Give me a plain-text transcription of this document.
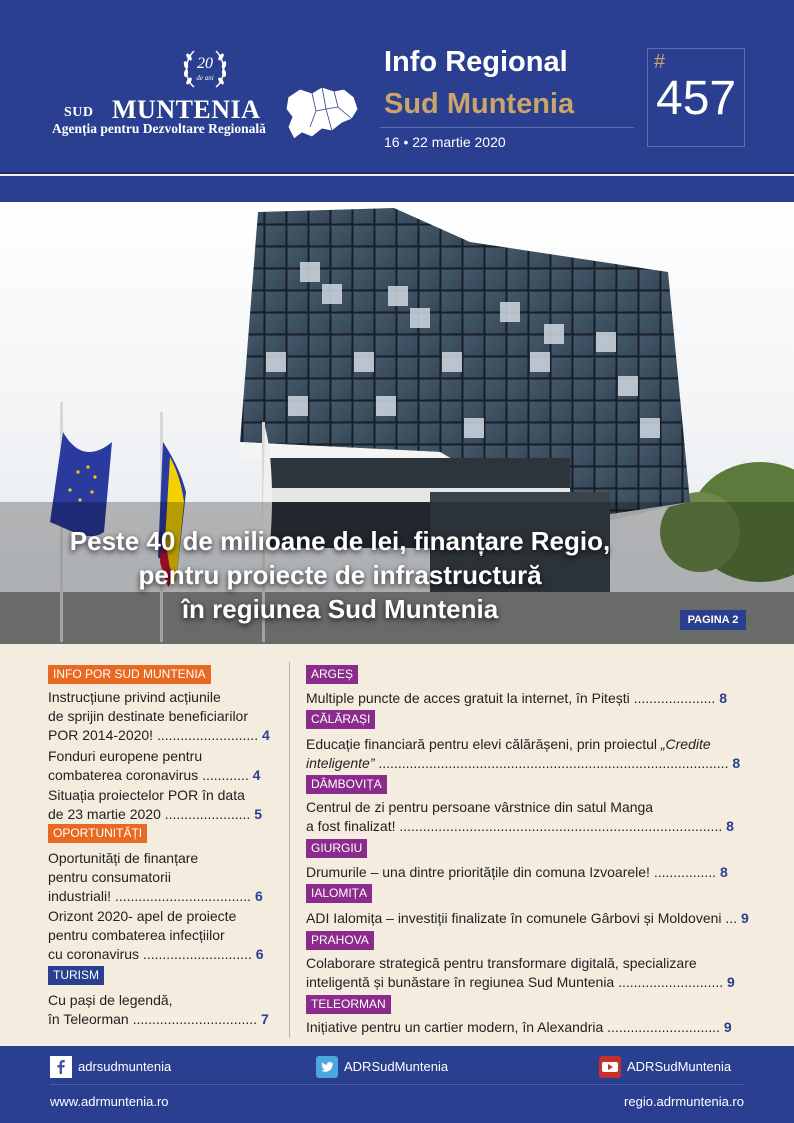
20
de ani
SUD MUNTENIA
Agenția pentru Dezvoltare Regională
Info Regional
Sud Muntenia
16 • 22 martie 2020
#
457
Peste 40 de milioane de lei, finanțare Regio,
pentru proiecte de infrastructură
în regiunea Sud Muntenia	PAGINA 2
INFO POR SUD MUNTENIA
Instrucțiune privind acțiunile
de sprijin destinate beneficiarilor
POR 2014-2020! .......................... 4
Fonduri europene pentru
combaterea coronavirus ............ 4
Situația proiectelor POR în data
de 23 martie 2020 ...................... 5
OPORTUNITĂȚI
Oportunități de finanțare
pentru consumatorii
industriali! ................................... 6
Orizont 2020- apel de proiecte
pentru combaterea infecțiilor
cu coronavirus ............................ 6
TURISM
Cu pași de legendă,
în Teleorman ................................ 7
ARGEȘ
Multiple puncte de acces gratuit la internet, în Pitești ..................... 8
CĂLĂRAȘI
Educație financiară pentru elevi călărășeni, prin proiectul „Credite
inteligente” .......................................................................................... 8
DÂMBOVIȚA
Centrul de zi pentru persoane vârstnice din satul Manga
a fost finalizat! ................................................................................... 8
GIURGIU
Drumurile – una dintre prioritățile din comuna Izvoarele! ................ 8
IALOMIȚA
ADI Ialomița – investiții finalizate în comunele Gârbovi și Moldoveni ... 9
PRAHOVA
Colaborare strategică pentru transformare digitală, specializare
inteligentă și bunăstare în regiunea Sud Muntenia ........................... 9
TELEORMAN
Inițiative pentru un cartier modern, în Alexandria ............................. 9
adrsudmuntenia	ADRSudMuntenia	ADRSudMuntenia
www.adrmuntenia.ro	regio.adrmuntenia.ro
